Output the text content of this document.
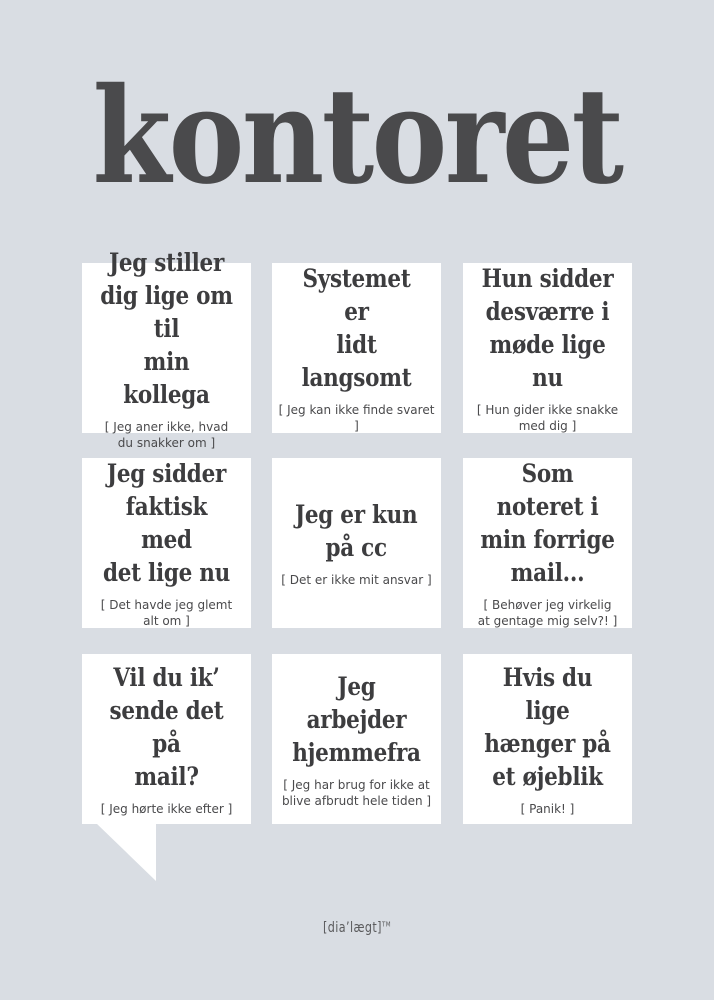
kontoret
Jeg stiller
dig lige om til
min kollega
[ Jeg aner ikke, hvad
du snakker om ]
Systemet er
lidt langsomt
[ Jeg kan ikke finde svaret ]
Hun sidder
desværre i
møde lige nu
[ Hun gider ikke snakke
med dig ]
Jeg sidder
faktisk med
det lige nu
[ Det havde jeg glemt
alt om ]
Jeg er kun
på cc
[ Det er ikke mit ansvar ]
Som noteret i
min forrige
mail...
[ Behøver jeg virkelig
at gentage mig selv?! ]
Vil du ik’
sende det på
mail?
[ Jeg hørte ikke efter ]
Jeg arbejder
hjemmefra
[ Jeg har brug for ikke at
blive afbrudt hele tiden ]
Hvis du lige
hænger på
et øjeblik
[ Panik! ]
[dia’lægt]™
